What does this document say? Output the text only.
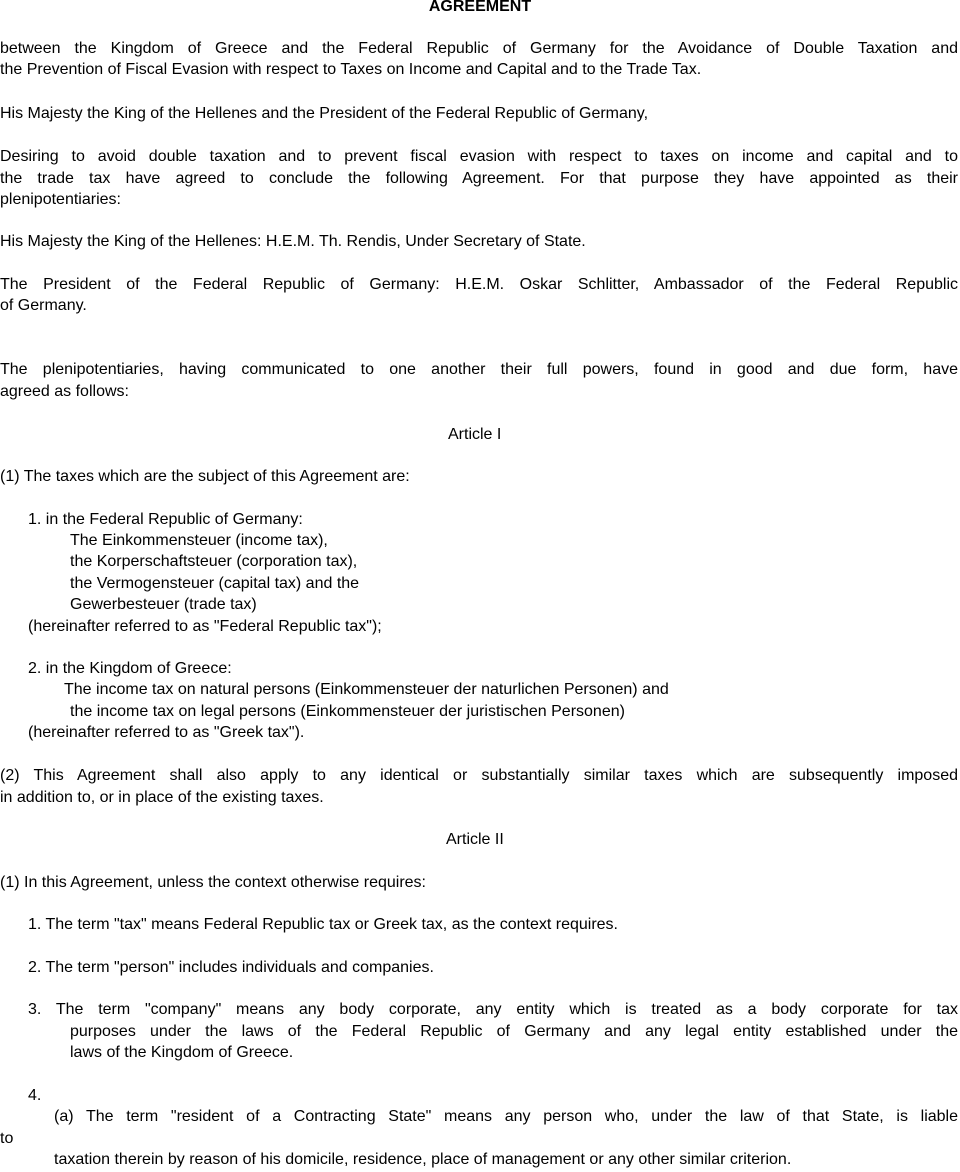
AGREEMENT

between the Kingdom of Greece and the Federal Republic of Germany for the Avoidance of Double Taxation and

the Prevention of Fiscal Evasion with respect to Taxes on Income and Capital and to the Trade Tax.

His Majesty the King of the Hellenes and the President of the Federal Republic of Germany,

Desiring to avoid double taxation and to prevent fiscal evasion with respect to taxes on income and capital and to

the trade tax have agreed to conclude the following Agreement. For that purpose they have appointed as their

plenipotentiaries:

His Majesty the King of the Hellenes: H.E.M. Th. Rendis, Under Secretary of State.

The President of the Federal Republic of Germany: H.E.M. Oskar Schlitter, Ambassador of the Federal Republic

of Germany.

The plenipotentiaries, having communicated to one another their full powers, found in good and due form, have

agreed as follows:

Article I

(1) The taxes which are the subject of this Agreement are:

1. in the Federal Republic of Germany:

The Einkommensteuer (income tax),

the Korperschaftsteuer (corporation tax),

the Vermogensteuer (capital tax) and the

Gewerbesteuer (trade tax)

(hereinafter referred to as "Federal Republic tax");

2. in the Kingdom of Greece:

The income tax on natural persons (Einkommensteuer der naturlichen Personen) and

the income tax on legal persons (Einkommensteuer der juristischen Personen)

(hereinafter referred to as "Greek tax").

(2) This Agreement shall also apply to any identical or substantially similar taxes which are subsequently imposed

in addition to, or in place of the existing taxes.

Article II

(1) In this Agreement, unless the context otherwise requires:

1. The term "tax" means Federal Republic tax or Greek tax, as the context requires.

2. The term "person" includes individuals and companies.

3. The term "company" means any body corporate, any entity which is treated as a body corporate for tax

purposes under the laws of the Federal Republic of Germany and any legal entity established under the

laws of the Kingdom of Greece.

4.

(a) The term "resident of a Contracting State" means any person who, under the law of that State, is liable

to

taxation therein by reason of his domicile, residence, place of management or any other similar criterion.
